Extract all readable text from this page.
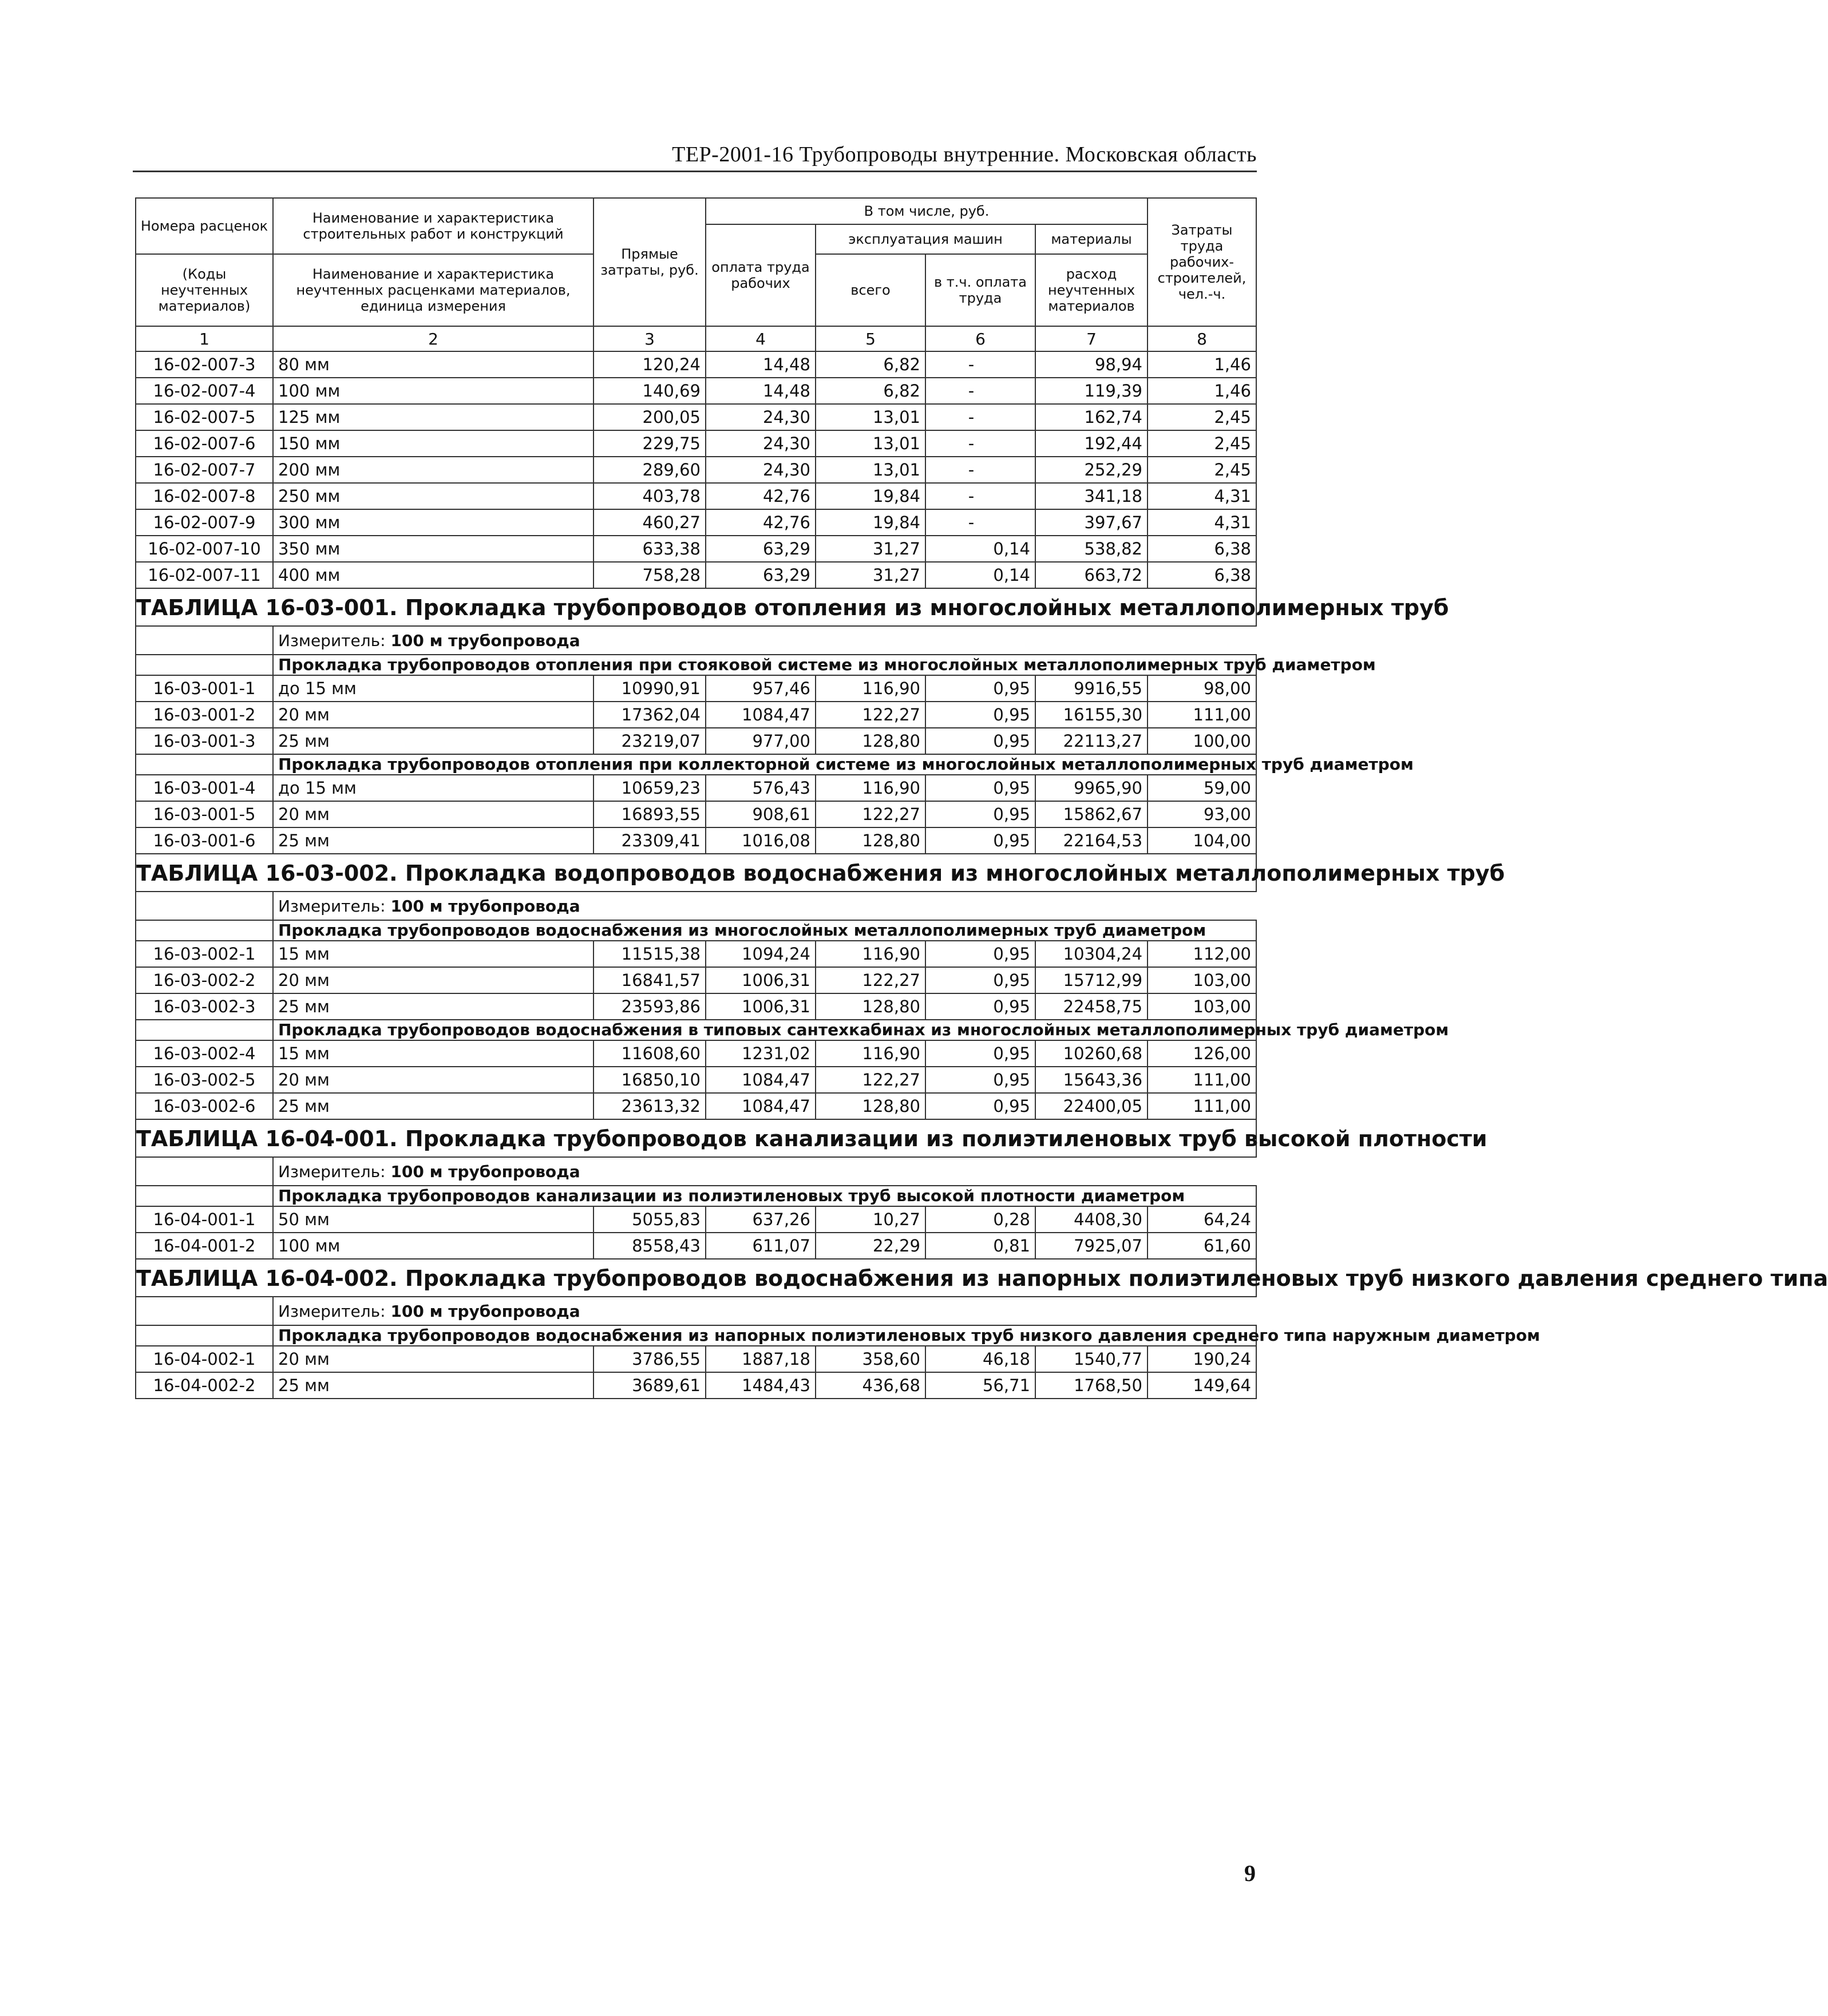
ТЕР-2001-16 Трубопроводы внутренние. Московская область
Номера расценок	Наименование и характеристика строительных работ и конструкций	Прямые затраты, руб.	В том числе, руб.				Затраты труда рабочих-строителей, чел.-ч.
			оплата труда рабочих	эксплуатация машин		материалы	
(Коды неучтенных материалов)	Наименование и характеристика неучтенных расценками материалов, единица измерения			всего	в т.ч. оплата труда	расход неучтенных материалов	

1	2	3	4	5	6	7	8
16-02-007-3	80 мм	120,24	14,48	6,82	-	98,94	1,46
16-02-007-4	100 мм	140,69	14,48	6,82	-	119,39	1,46
16-02-007-5	125 мм	200,05	24,30	13,01	-	162,74	2,45
16-02-007-6	150 мм	229,75	24,30	13,01	-	192,44	2,45
16-02-007-7	200 мм	289,60	24,30	13,01	-	252,29	2,45
16-02-007-8	250 мм	403,78	42,76	19,84	-	341,18	4,31
16-02-007-9	300 мм	460,27	42,76	19,84	-	397,67	4,31
16-02-007-10	350 мм	633,38	63,29	31,27	0,14	538,82	6,38
16-02-007-11	400 мм	758,28	63,29	31,27	0,14	663,72	6,38
ТАБЛИЦА 16-03-001. Прокладка трубопроводов отопления из многослойных металлополимерных труб							
	Измеритель: 100 м трубопровода						
	Прокладка трубопроводов отопления при стояковой системе из многослойных металлополимерных труб диаметром						
16-03-001-1	до 15 мм	10990,91	957,46	116,90	0,95	9916,55	98,00
16-03-001-2	20 мм	17362,04	1084,47	122,27	0,95	16155,30	111,00
16-03-001-3	25 мм	23219,07	977,00	128,80	0,95	22113,27	100,00
	Прокладка трубопроводов отопления при коллекторной системе из многослойных металлополимерных труб диаметром						
16-03-001-4	до 15 мм	10659,23	576,43	116,90	0,95	9965,90	59,00
16-03-001-5	20 мм	16893,55	908,61	122,27	0,95	15862,67	93,00
16-03-001-6	25 мм	23309,41	1016,08	128,80	0,95	22164,53	104,00
ТАБЛИЦА 16-03-002. Прокладка водопроводов водоснабжения из многослойных металлополимерных труб							
	Измеритель: 100 м трубопровода						
	Прокладка трубопроводов водоснабжения из многослойных металлополимерных труб диаметром						
16-03-002-1	15 мм	11515,38	1094,24	116,90	0,95	10304,24	112,00
16-03-002-2	20 мм	16841,57	1006,31	122,27	0,95	15712,99	103,00
16-03-002-3	25 мм	23593,86	1006,31	128,80	0,95	22458,75	103,00
	Прокладка трубопроводов водоснабжения в типовых сантехкабинах из многослойных металлополимерных труб диаметром						
16-03-002-4	15 мм	11608,60	1231,02	116,90	0,95	10260,68	126,00
16-03-002-5	20 мм	16850,10	1084,47	122,27	0,95	15643,36	111,00
16-03-002-6	25 мм	23613,32	1084,47	128,80	0,95	22400,05	111,00
ТАБЛИЦА 16-04-001. Прокладка трубопроводов канализации из полиэтиленовых труб высокой плотности							
	Измеритель: 100 м трубопровода						
	Прокладка трубопроводов канализации из полиэтиленовых труб высокой плотности диаметром						
16-04-001-1	50 мм	5055,83	637,26	10,27	0,28	4408,30	64,24
16-04-001-2	100 мм	8558,43	611,07	22,29	0,81	7925,07	61,60
ТАБЛИЦА 16-04-002. Прокладка трубопроводов водоснабжения из напорных полиэтиленовых труб низкого давления среднего типа							
	Измеритель: 100 м трубопровода						
	Прокладка трубопроводов водоснабжения из напорных полиэтиленовых труб низкого давления среднего типа наружным диаметром						
16-04-002-1	20 мм	3786,55	1887,18	358,60	46,18	1540,77	190,24
16-04-002-2	25 мм	3689,61	1484,43	436,68	56,71	1768,50	149,64
9
